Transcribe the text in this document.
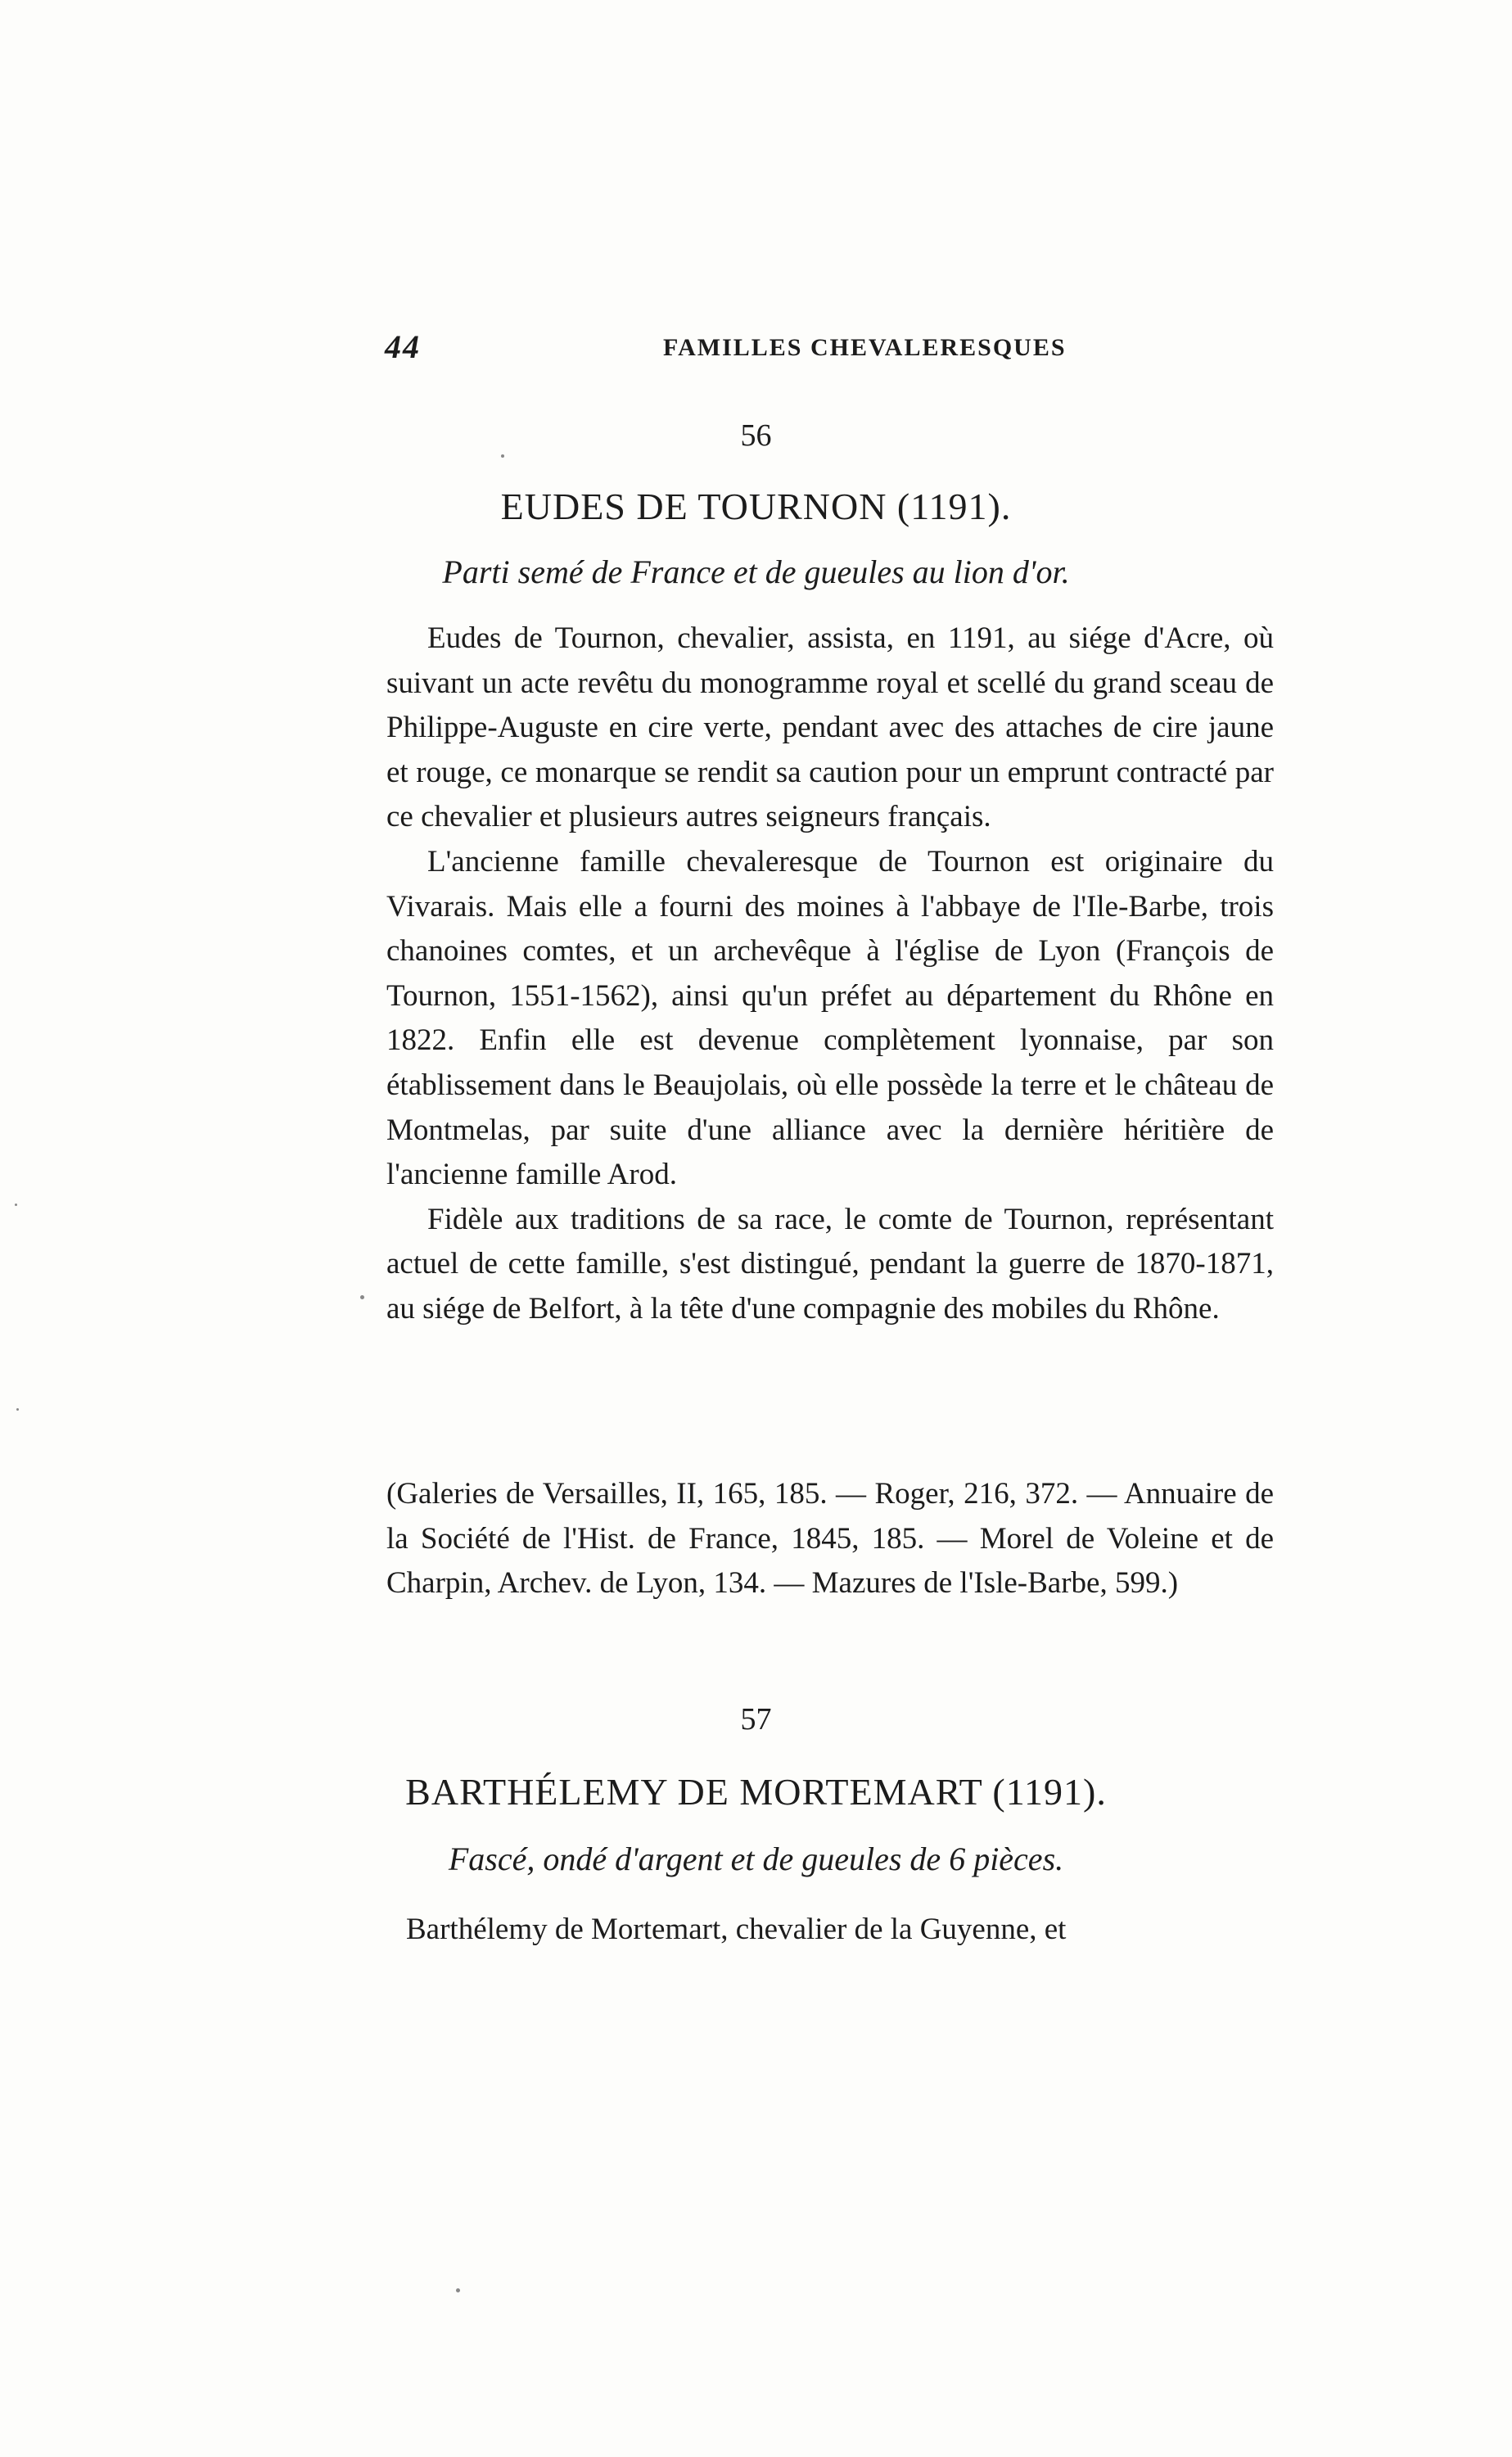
44	FAMILLES CHEVALERESQUES
56
EUDES DE TOURNON (1191).
Parti semé de France et de gueules au lion d'or.

Eudes de Tournon, chevalier, assista, en 1191, au siége d'Acre, où suivant un acte revêtu du monogramme royal et scellé du grand sceau de Philippe-Auguste en cire verte, pendant avec des attaches de cire jaune et rouge, ce monarque se rendit sa caution pour un emprunt contracté par ce chevalier et plusieurs autres seigneurs français.

L'ancienne famille chevaleresque de Tournon est originaire du Vivarais. Mais elle a fourni des moines à l'abbaye de l'Ile-Barbe, trois chanoines comtes, et un archevêque à l'église de Lyon (François de Tournon, 1551-1562), ainsi qu'un préfet au département du Rhône en 1822. Enfin elle est devenue complètement lyonnaise, par son établissement dans le Beaujolais, où elle possède la terre et le château de Montmelas, par suite d'une alliance avec la dernière héritière de l'ancienne famille Arod.

Fidèle aux traditions de sa race, le comte de Tournon, représentant actuel de cette famille, s'est distingué, pendant la guerre de 1870-1871, au siége de Belfort, à la tête d'une compagnie des mobiles du Rhône.

(Galeries de Versailles, II, 165, 185. — Roger, 216, 372. — Annuaire de la Société de l'Hist. de France, 1845, 185. — Morel de Voleine et de Charpin, Archev. de Lyon, 134. — Mazures de l'Isle-Barbe, 599.)

57
BARTHÉLEMY DE MORTEMART (1191).
Fascé, ondé d'argent et de gueules de 6 pièces.
Barthélemy de Mortemart, chevalier de la Guyenne, et
